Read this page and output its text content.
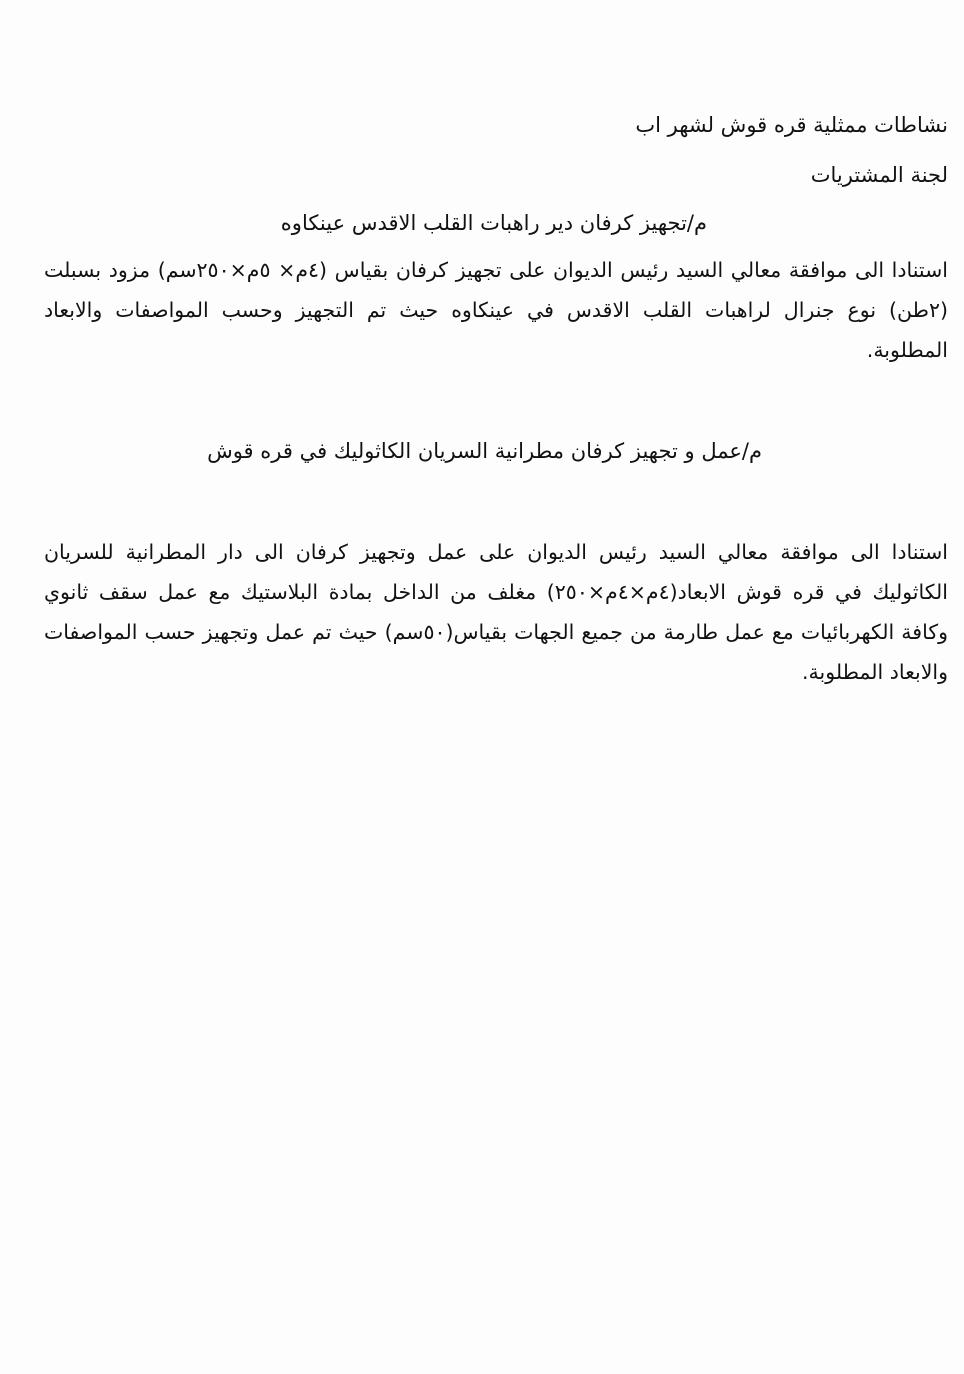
نشاطات ممثلية قره قوش لشهر اب
لجنة المشتريات
م/تجهيز كرفان دير راهبات القلب الاقدس عينكاوه
استنادا الى موافقة معالي السيد رئيس الديوان على تجهيز كرفان بقياس (٤م× ٥م×٢٥٠سم) مزود بسبلت (٢طن) نوع جنرال لراهبات القلب الاقدس في عينكاوه حيث تم التجهيز وحسب المواصفات والابعاد المطلوبة.
م/عمل و تجهيز كرفان مطرانية السريان الكاثوليك في قره قوش
استنادا الى موافقة معالي السيد رئيس الديوان على عمل وتجهيز كرفان الى دار المطرانية للسريان الكاثوليك في قره قوش الابعاد(٤م×٤م×٢٥٠) مغلف من الداخل بمادة البلاستيك مع عمل سقف ثانوي وكافة الكهربائيات مع عمل طارمة من جميع الجهات بقياس(٥٠سم) حيث تم عمل وتجهيز حسب المواصفات والابعاد المطلوبة.
